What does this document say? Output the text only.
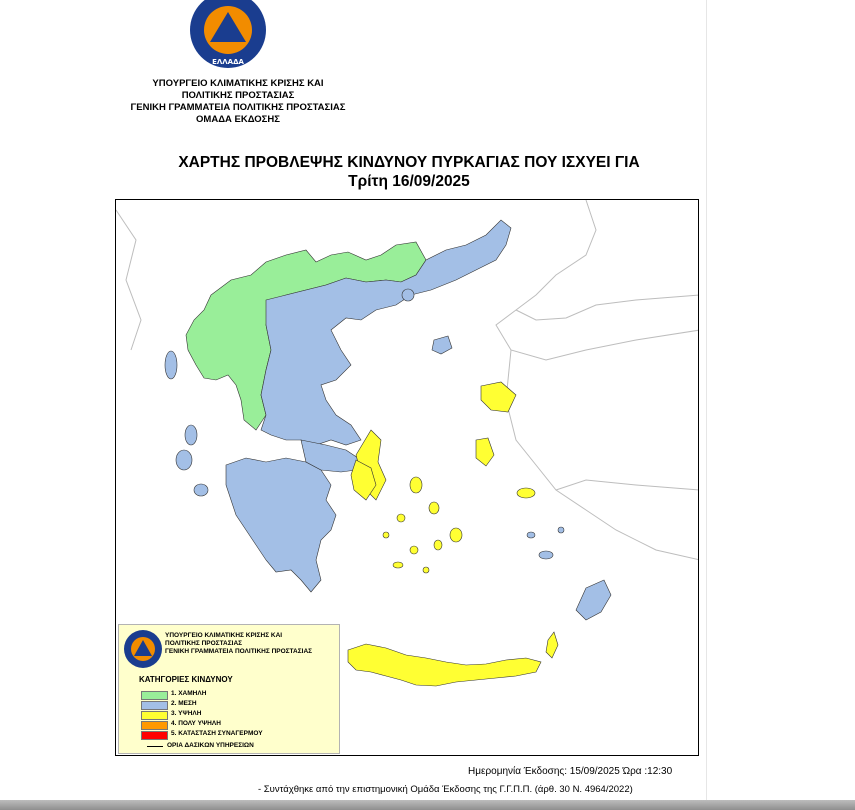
ΕΛΛΑΔΑ
ΥΠΟΥΡΓΕΙΟ ΚΛΙΜΑΤΙΚΗΣ ΚΡΙΣΗΣ ΚΑΙ
ΠΟΛΙΤΙΚΗΣ ΠΡΟΣΤΑΣΙΑΣ
ΓΕΝΙΚΗ ΓΡΑΜΜΑΤΕΙΑ ΠΟΛΙΤΙΚΗΣ ΠΡΟΣΤΑΣΙΑΣ
ΟΜΑΔΑ ΕΚΔΟΣΗΣ
ΧΑΡΤΗΣ ΠΡΟΒΛΕΨΗΣ ΚΙΝΔΥΝΟΥ ΠΥΡΚΑΓΙΑΣ ΠΟΥ ΙΣΧΥΕΙ ΓΙΑ
Τρίτη 16/09/2025
ΥΠΟΥΡΓΕΙΟ ΚΛΙΜΑΤΙΚΗΣ ΚΡΙΣΗΣ ΚΑΙ
ΠΟΛΙΤΙΚΗΣ ΠΡΟΣΤΑΣΙΑΣ
ΓΕΝΙΚΗ ΓΡΑΜΜΑΤΕΙΑ ΠΟΛΙΤΙΚΗΣ ΠΡΟΣΤΑΣΙΑΣ
ΚΑΤΗΓΟΡΙΕΣ ΚΙΝΔΥΝΟΥ
1. ΧΑΜΗΛΗ
2. ΜΕΣΗ
3. ΥΨΗΛΗ
4. ΠΟΛΥ ΥΨΗΛΗ
5. ΚΑΤΑΣΤΑΣΗ ΣΥΝΑΓΕΡΜΟΥ
ΟΡΙΑ ΔΑΣΙΚΩΝ ΥΠΗΡΕΣΙΩΝ
Ημερομηνία Έκδοσης: 15/09/2025 Ώρα :12:30
- Συντάχθηκε από την επιστημονική Ομάδα Έκδοσης της Γ.Γ.Π.Π. (άρθ. 30 Ν. 4964/2022)
